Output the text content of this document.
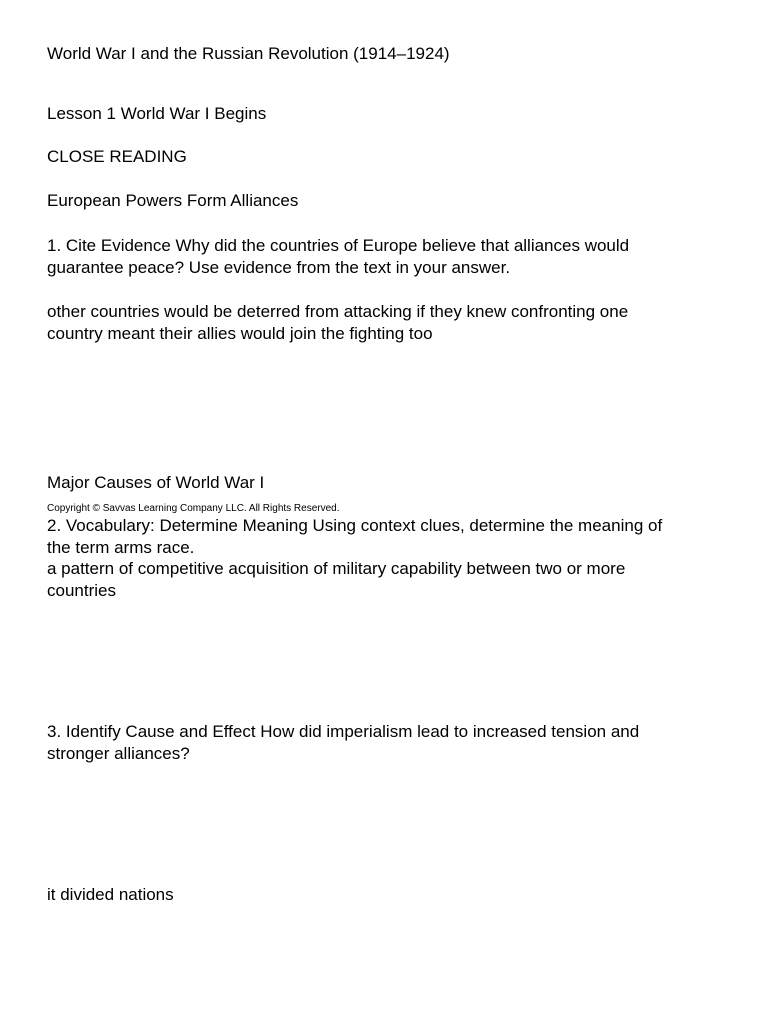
World War I and the Russian Revolution (1914–1924)
Lesson 1 World War I Begins
CLOSE READING
European Powers Form Alliances
1. Cite Evidence Why did the countries of Europe believe that alliances would
guarantee peace? Use evidence from the text in your answer.
other countries would be deterred from attacking if they knew confronting one
country meant their allies would join the fighting too
Major Causes of World War I
Copyright © Savvas Learning Company LLC. All Rights Reserved.
2. Vocabulary: Determine Meaning Using context clues, determine the meaning of
the term arms race.
a pattern of competitive acquisition of military capability between two or more
countries
3. Identify Cause and Effect How did imperialism lead to increased tension and
stronger alliances?
it divided nations
